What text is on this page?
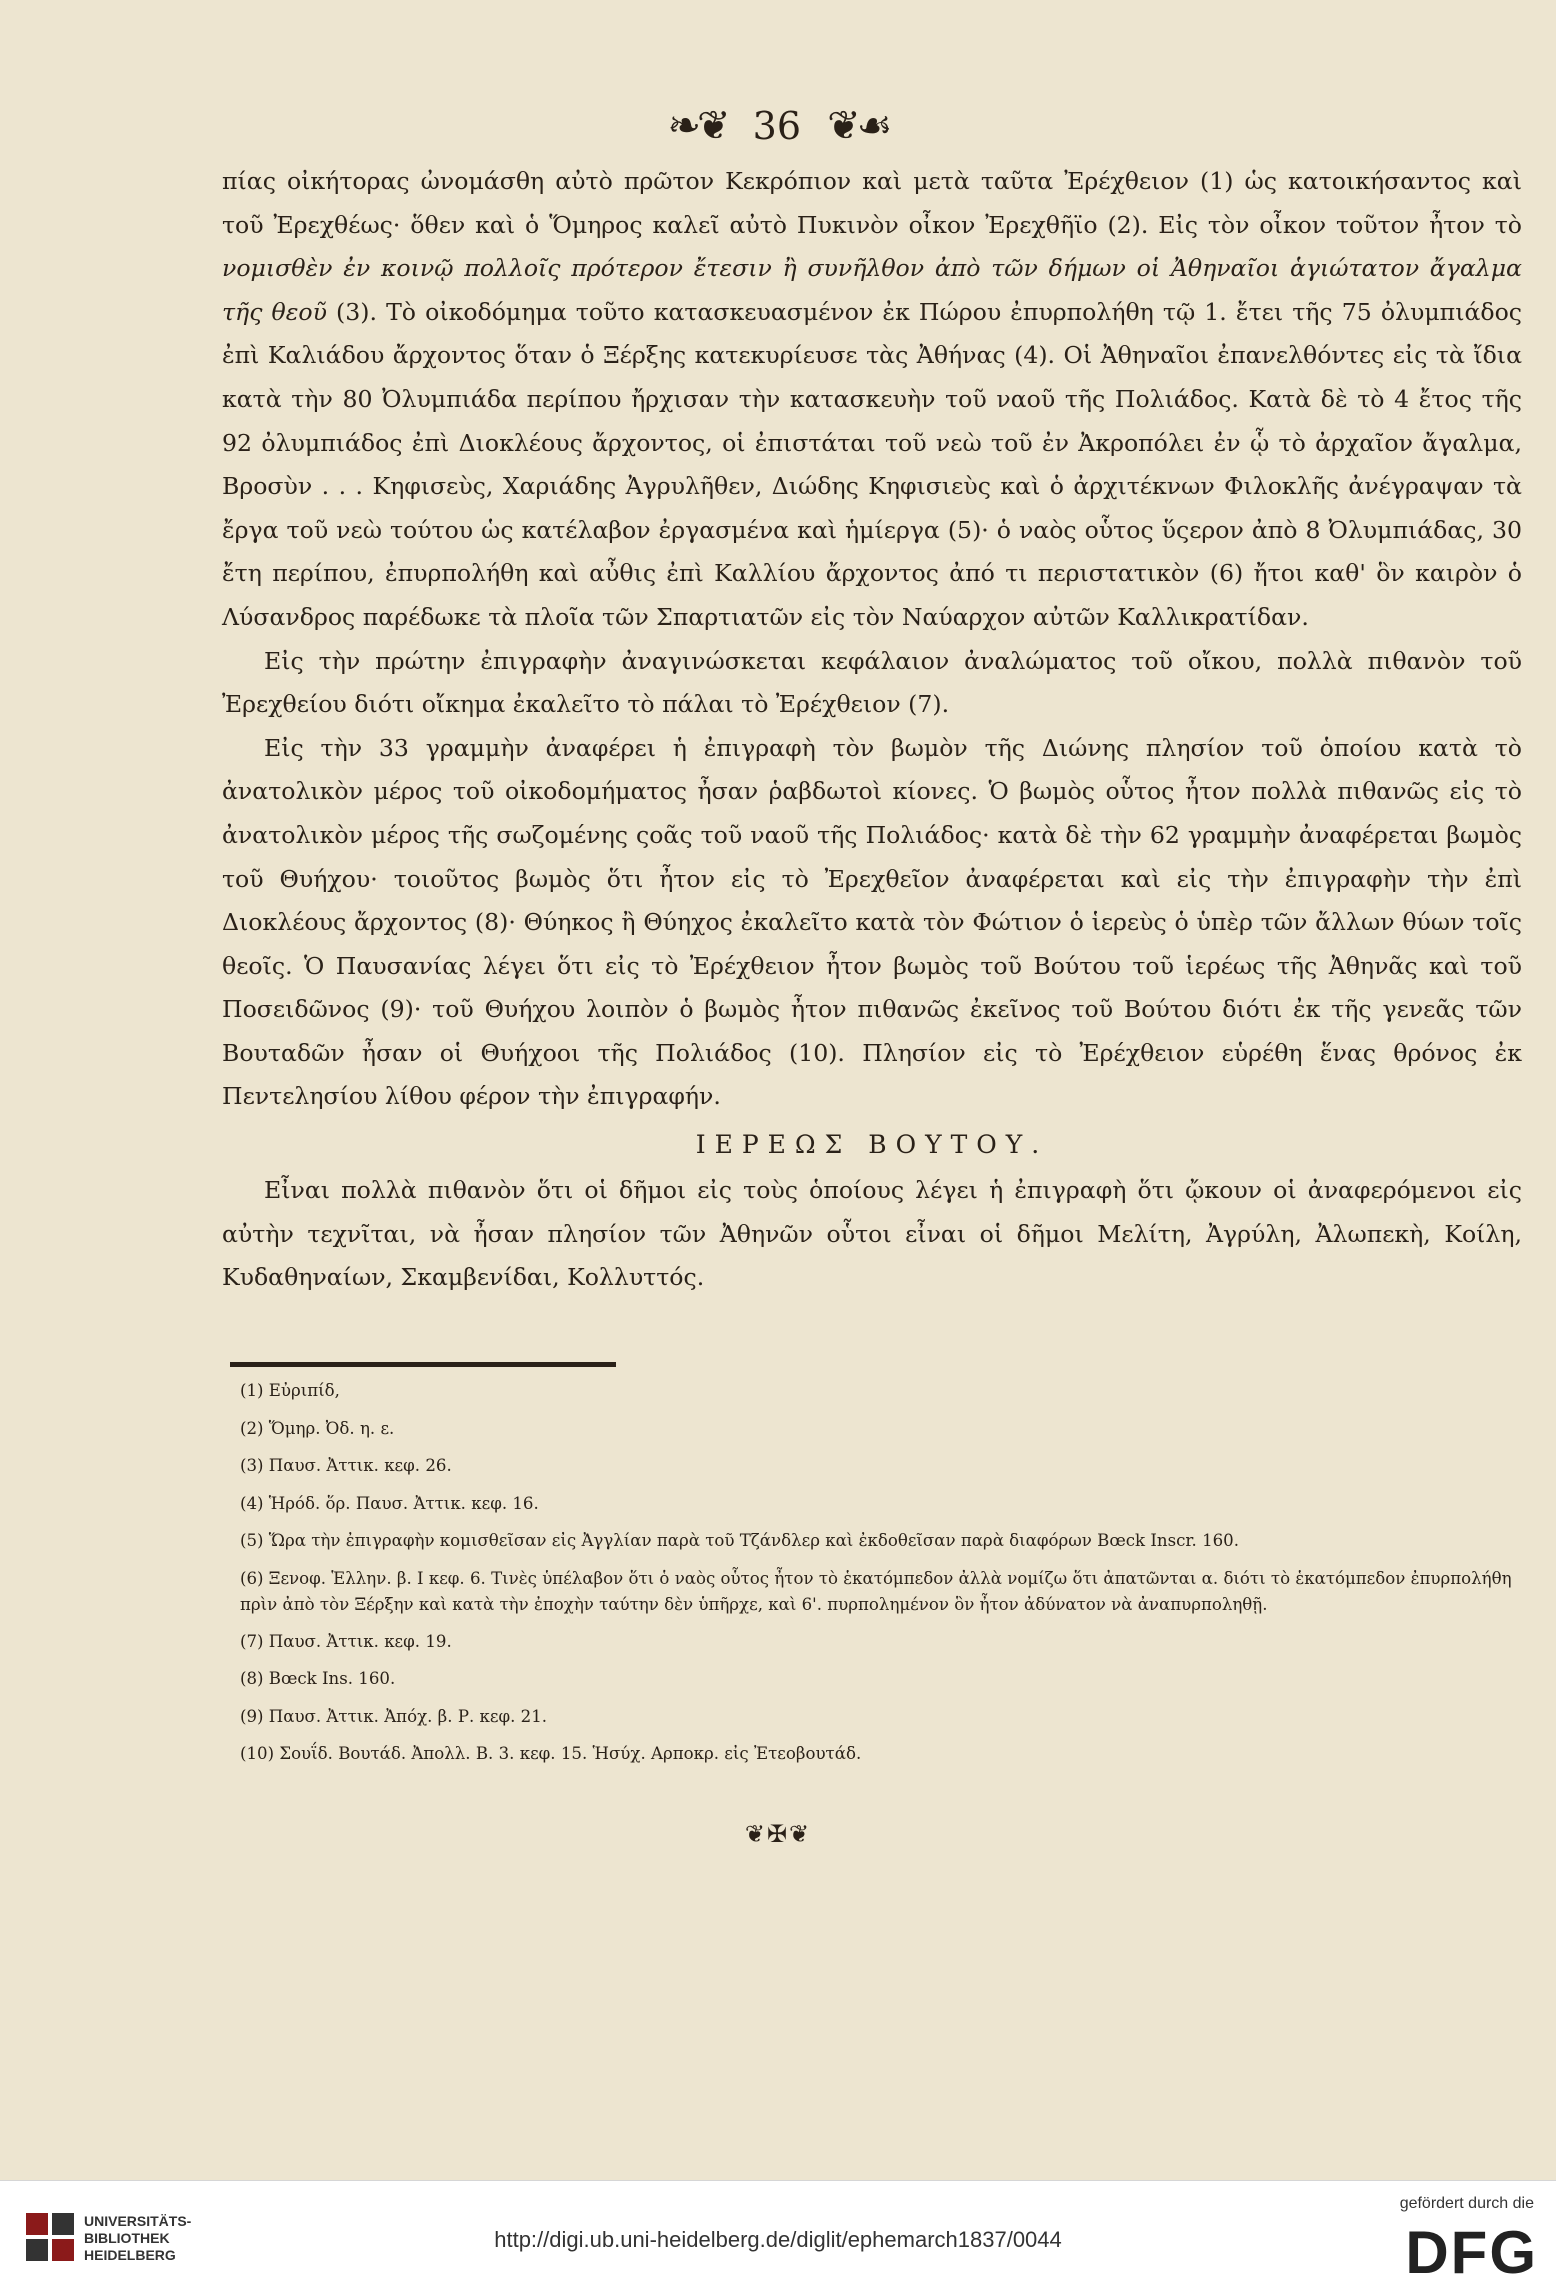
❧❦ 36 ❦☙

πίας οἰκήτορας ὠνομάσθη αὐτὸ πρῶτον Κεκρόπιον καὶ μετὰ ταῦτα Ἐρέχθειον (1) ὡς κατοικήσαντος καὶ τοῦ Ἐρεχθέως· ὅθεν καὶ ὁ Ὅμηρος καλεῖ αὐτὸ Πυκινὸν οἶκον Ἐρεχθῆϊο (2). Εἰς τὸν οἶκον τοῦτον ἦτον τὸ νομισθὲν ἐν κοινῷ πολλοῖς πρότερον ἔτεσιν ἢ συνῆλθον ἀπὸ τῶν δήμων οἱ Ἀθηναῖοι ἁγιώτατον ἄγαλμα τῆς θεοῦ (3). Τὸ οἰκοδόμημα τοῦτο κατασκευασμένον ἐκ Πώρου ἐπυρπολήθη τῷ 1. ἔτει τῆς 75 ὀλυμπιάδος ἐπὶ Καλιάδου ἄρχοντος ὅταν ὁ Ξέρξης κατεκυρίευσε τὰς Ἀθήνας (4). Οἱ Ἀθηναῖοι ἐπανελθόντες εἰς τὰ ἴδια κατὰ τὴν 80 Ὀλυμπιάδα περίπου ἤρχισαν τὴν κατασκευὴν τοῦ ναοῦ τῆς Πολιάδος. Κατὰ δὲ τὸ 4 ἔτος τῆς 92 ὀλυμπιάδος ἐπὶ Διοκλέους ἄρχοντος, οἱ ἐπιστάται τοῦ νεὼ τοῦ ἐν Ἀκροπόλει ἐν ᾧ τὸ ἀρχαῖον ἄγαλμα, Βροσὺν . . . Κηφισεὺς, Χαριάδης Ἀγρυλῆθεν, Διώδης Κηφισιεὺς καὶ ὁ ἀρχιτέκνων Φιλοκλῆς ἀνέγραψαν τὰ ἔργα τοῦ νεὼ τούτου ὡς κατέλαβον ἐργασμένα καὶ ἡμίεργα (5)· ὁ ναὸς οὗτος ὕςερον ἀπὸ 8 Ὀλυμπιάδας, 30 ἔτη περίπου, ἐπυρπολήθη καὶ αὖθις ἐπὶ Καλλίου ἄρχοντος ἀπό τι περιστατικὸν (6) ἤτοι καθ' ὃν καιρὸν ὁ Λύσανδρος παρέδωκε τὰ πλοῖα τῶν Σπαρτιατῶν εἰς τὸν Ναύαρχον αὐτῶν Καλλικρατίδαν.

Εἰς τὴν πρώτην ἐπιγραφὴν ἀναγινώσκεται κεφάλαιον ἀναλώματος τοῦ οἴκου, πολλὰ πιθανὸν τοῦ Ἐρεχθείου διότι οἴκημα ἐκαλεῖτο τὸ πάλαι τὸ Ἐρέχθειον (7).

Εἰς τὴν 33 γραμμὴν ἀναφέρει ἡ ἐπιγραφὴ τὸν βωμὸν τῆς Διώνης πλησίον τοῦ ὁποίου κατὰ τὸ ἀνατολικὸν μέρος τοῦ οἰκοδομήματος ἦσαν ῥαβδωτοὶ κίονες. Ὁ βωμὸς οὗτος ἦτον πολλὰ πιθανῶς εἰς τὸ ἀνατολικὸν μέρος τῆς σωζομένης ςοᾶς τοῦ ναοῦ τῆς Πολιάδος· κατὰ δὲ τὴν 62 γραμμὴν ἀναφέρεται βωμὸς τοῦ Θυήχου· τοιοῦτος βωμὸς ὅτι ἦτον εἰς τὸ Ἐρεχθεῖον ἀναφέρεται καὶ εἰς τὴν ἐπιγραφὴν τὴν ἐπὶ Διοκλέους ἄρχοντος (8)· Θύηκος ἢ Θύηχος ἐκαλεῖτο κατὰ τὸν Φώτιον ὁ ἱερεὺς ὁ ὑπὲρ τῶν ἄλλων θύων τοῖς θεοῖς. Ὁ Παυσανίας λέγει ὅτι εἰς τὸ Ἐρέχθειον ἦτον βωμὸς τοῦ Βούτου τοῦ ἱερέως τῆς Ἀθηνᾶς καὶ τοῦ Ποσειδῶνος (9)· τοῦ Θυήχου λοιπὸν ὁ βωμὸς ἦτον πιθανῶς ἐκεῖνος τοῦ Βούτου διότι ἐκ τῆς γενεᾶς τῶν Βουταδῶν ἦσαν οἱ Θυήχοοι τῆς Πολιάδος (10). Πλησίον εἰς τὸ Ἐρέχθειον εὑρέθη ἕνας θρόνος ἐκ Πεντελησίου λίθου φέρον τὴν ἐπιγραφήν.

ΙΕΡΕΩΣ ΒΟΥΤΟΥ.

Εἶναι πολλὰ πιθανὸν ὅτι οἱ δῆμοι εἰς τοὺς ὁποίους λέγει ἡ ἐπιγραφὴ ὅτι ᾤκουν οἱ ἀναφερόμενοι εἰς αὐτὴν τεχνῖται, νὰ ἦσαν πλησίον τῶν Ἀθηνῶν οὗτοι εἶναι οἱ δῆμοι Μελίτη, Ἀγρύλη, Ἀλωπεκὴ, Κοίλη, Κυδαθηναίων, Σκαμβενίδαι, Κολλυττός.

(1) Εὐριπίδ,
(2) Ὅμηρ. Ὀδ. η. ε.
(3) Παυσ. Ἀττικ. κεφ. 26.
(4) Ἡρόδ. ὅρ. Παυσ. Ἀττικ. κεφ. 16.
(5) Ὥρα τὴν ἐπιγραφὴν κομισθεῖσαν εἰς Ἀγγλίαν παρὰ τοῦ Τζάνδλερ καὶ ἐκδοθεῖσαν παρὰ διαφόρων Bœck Inscr. 160.
(6) Ξενοφ. Ἑλλην. β. I κεφ. 6. Τινὲς ὑπέλαβον ὅτι ὁ ναὸς οὗτος ἦτον τὸ ἑκατόμπεδον ἀλλὰ νομίζω ὅτι ἀπατῶνται α. διότι τὸ ἑκατόμπεδον ἐπυρπολήθη πρὶν ἀπὸ τὸν Ξέρξην καὶ κατὰ τὴν ἐποχὴν ταύτην δὲν ὑπῆρχε, καὶ 6'. πυρπολημένον ὃν ἦτον ἀδύνατον νὰ ἀναπυρποληθῇ.
(7) Παυσ. Ἀττικ. κεφ. 19.
(8) Bœck Ins. 160.
(9) Παυσ. Ἀττικ. Ἀπόχ. β. Ρ. κεφ. 21.
(10) Σουΐδ. Βουτάδ. Ἀπολλ. Β. 3. κεφ. 15. Ἡσύχ. Αρποκρ. εἰς Ἐτεοβουτάδ.
❦✠❦
UNIVERSITÄTS-
BIBLIOTHEK
HEIDELBERG
http://digi.ub.uni-heidelberg.de/diglit/ephemarch1837/0044
gefördert durch die
DFG
